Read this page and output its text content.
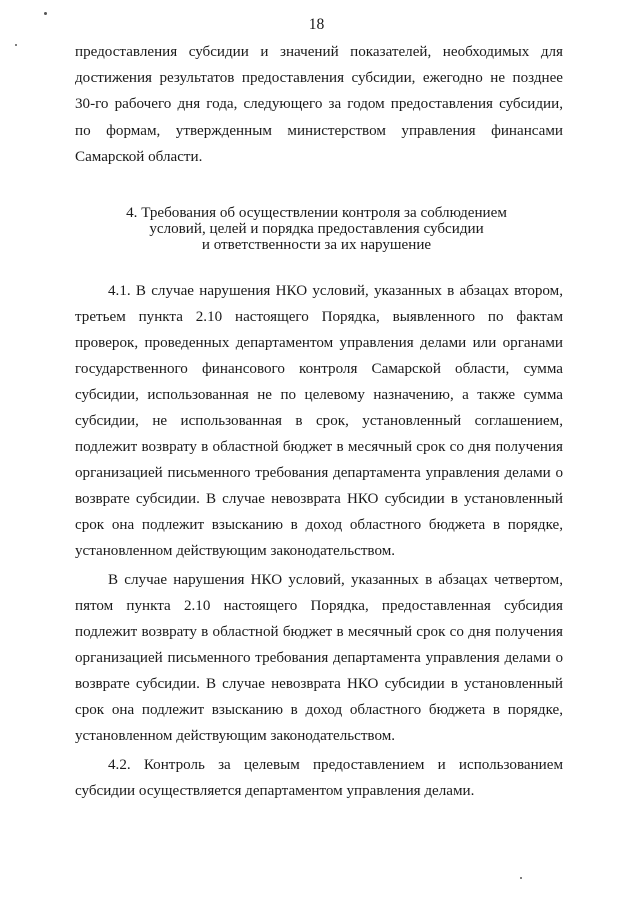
18

предоставления субсидии и значений показателей, необходимых для

достижения результатов предоставления субсидии, ежегодно не позднее

30-го рабочего дня года, следующего за годом предоставления субсидии,

по формам, утвержденным министерством управления финансами

Самарской области.

4. Требования об осуществлении контроля за соблюдением

условий, целей и порядка предоставления субсидии

и ответственности за их нарушение

4.1. В случае нарушения НКО условий, указанных в абзацах втором,

третьем пункта 2.10 настоящего Порядка, выявленного по фактам

проверок, проведенных департаментом управления делами или органами

государственного финансового контроля Самарской области, сумма

субсидии, использованная не по целевому назначению, а также сумма

субсидии, не использованная в срок, установленный соглашением,

подлежит возврату в областной бюджет в месячный срок со дня получения

организацией письменного требования департамента управления делами о

возврате субсидии. В случае невозврата НКО субсидии в установленный

срок она подлежит взысканию в доход областного бюджета в порядке,

установленном действующим законодательством.

В случае нарушения НКО условий, указанных в абзацах четвертом,

пятом пункта 2.10 настоящего Порядка, предоставленная субсидия

подлежит возврату в областной бюджет в месячный срок со дня получения

организацией письменного требования департамента управления делами о

возврате субсидии. В случае невозврата НКО субсидии в установленный

срок она подлежит взысканию в доход областного бюджета в порядке,

установленном действующим законодательством.

4.2. Контроль за целевым предоставлением и использованием

субсидии осуществляется департаментом управления делами.
